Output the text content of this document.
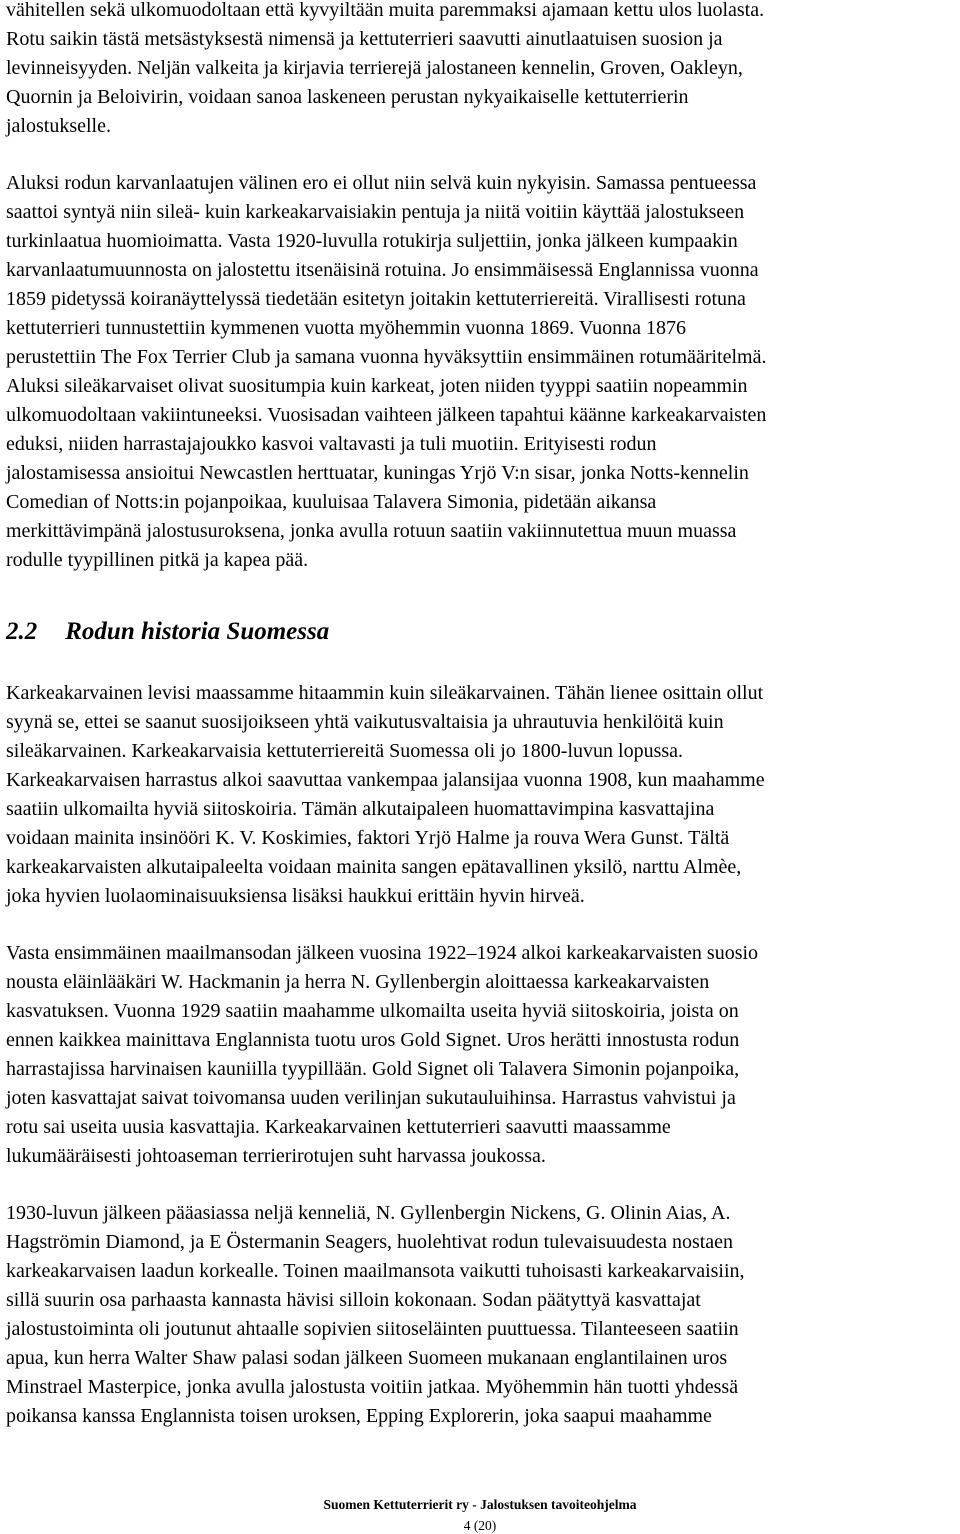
vähitellen sekä ulkomuodoltaan että kyvyiltään muita paremmaksi ajamaan kettu ulos luolasta.
Rotu saikin tästä metsästyksestä nimensä ja kettuterrieri saavutti ainutlaatuisen suosion ja
levinneisyyden. Neljän valkeita ja kirjavia terrierejä jalostaneen kennelin, Groven, Oakleyn,
Quornin ja Beloivirin, voidaan sanoa laskeneen perustan nykyaikaiselle kettuterrierin
jalostukselle.

Aluksi rodun karvanlaatujen välinen ero ei ollut niin selvä kuin nykyisin. Samassa pentueessa
saattoi syntyä niin sileä- kuin karkeakarvaisiakin pentuja ja niitä voitiin käyttää jalostukseen
turkinlaatua huomioimatta. Vasta 1920-luvulla rotukirja suljettiin, jonka jälkeen kumpaakin
karvanlaatumuunnosta on jalostettu itsenäisinä rotuina. Jo ensimmäisessä Englannissa vuonna
1859 pidetyssä koiranäyttelyssä tiedetään esitetyn joitakin kettuterriereitä. Virallisesti rotuna
kettuterrieri tunnustettiin kymmenen vuotta myöhemmin vuonna 1869. Vuonna 1876
perustettiin The Fox Terrier Club ja samana vuonna hyväksyttiin ensimmäinen rotumääritelmä.
Aluksi sileäkarvaiset olivat suositumpia kuin karkeat, joten niiden tyyppi saatiin nopeammin
ulkomuodoltaan vakiintuneeksi. Vuosisadan vaihteen jälkeen tapahtui käänne karkeakarvaisten
eduksi, niiden harrastajajoukko kasvoi valtavasti ja tuli muotiin. Erityisesti rodun
jalostamisessa ansioitui Newcastlen herttuatar, kuningas Yrjö V:n sisar, jonka Notts-kennelin
Comedian of Notts:in pojanpoikaa, kuuluisaa Talavera Simonia, pidetään aikansa
merkittävimpänä jalostusuroksena, jonka avulla rotuun saatiin vakiinnutettua muun muassa
rodulle tyypillinen pitkä ja kapea pää.

2.2 Rodun historia Suomessa

Karkeakarvainen levisi maassamme hitaammin kuin sileäkarvainen. Tähän lienee osittain ollut
syynä se, ettei se saanut suosijoikseen yhtä vaikutusvaltaisia ja uhrautuvia henkilöitä kuin
sileäkarvainen. Karkeakarvaisia kettuterriereitä Suomessa oli jo 1800-luvun lopussa.
Karkeakarvaisen harrastus alkoi saavuttaa vankempaa jalansijaa vuonna 1908, kun maahamme
saatiin ulkomailta hyviä siitoskoiria. Tämän alkutaipaleen huomattavimpina kasvattajina
voidaan mainita insinööri K. V. Koskimies, faktori Yrjö Halme ja rouva Wera Gunst. Tältä
karkeakarvaisten alkutaipaleelta voidaan mainita sangen epätavallinen yksilö, narttu Almèe,
joka hyvien luolaominaisuuksiensa lisäksi haukkui erittäin hyvin hirveä.

Vasta ensimmäinen maailmansodan jälkeen vuosina 1922–1924 alkoi karkeakarvaisten suosio
nousta eläinlääkäri W. Hackmanin ja herra N. Gyllenbergin aloittaessa karkeakarvaisten
kasvatuksen. Vuonna 1929 saatiin maahamme ulkomailta useita hyviä siitoskoiria, joista on
ennen kaikkea mainittava Englannista tuotu uros Gold Signet. Uros herätti innostusta rodun
harrastajissa harvinaisen kauniilla tyypillään. Gold Signet oli Talavera Simonin pojanpoika,
joten kasvattajat saivat toivomansa uuden verilinjan sukutauluihinsa. Harrastus vahvistui ja
rotu sai useita uusia kasvattajia. Karkeakarvainen kettuterrieri saavutti maassamme
lukumääräisesti johtoaseman terrierirotujen suht harvassa joukossa.

1930-luvun jälkeen pääasiassa neljä kenneliä, N. Gyllenbergin Nickens, G. Olinin Aias, A.
Hagströmin Diamond, ja E Östermanin Seagers, huolehtivat rodun tulevaisuudesta nostaen
karkeakarvaisen laadun korkealle. Toinen maailmansota vaikutti tuhoisasti karkeakarvaisiin,
sillä suurin osa parhaasta kannasta hävisi silloin kokonaan. Sodan päätyttyä kasvattajat
jalostustoiminta oli joutunut ahtaalle sopivien siitoseläinten puuttuessa. Tilanteeseen saatiin
apua, kun herra Walter Shaw palasi sodan jälkeen Suomeen mukanaan englantilainen uros
Minstrael Masterpice, jonka avulla jalostusta voitiin jatkaa. Myöhemmin hän tuotti yhdessä
poikansa kanssa Englannista toisen uroksen, Epping Explorerin, joka saapui maahamme

Suomen Kettuterrierit ry - Jalostuksen tavoiteohjelma
4 (20)
